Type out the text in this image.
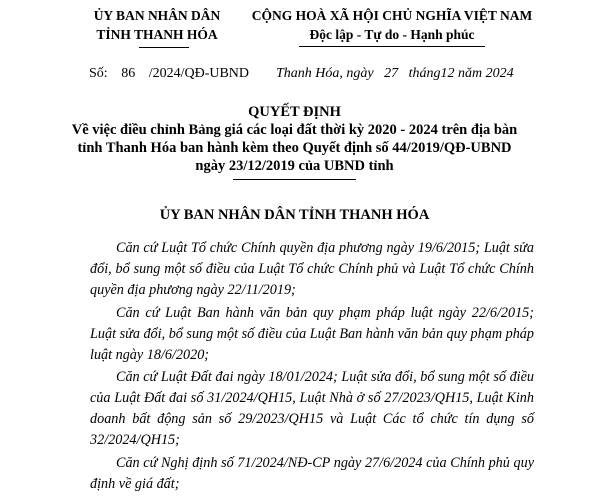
ỦY BAN NHÂN DÂN
TỈNH THANH HÓA
CỘNG HOÀ XÃ HỘI CHỦ NGHĨA VIỆT NAM
Độc lập - Tự do - Hạnh phúc
Số: 86 /2024/QĐ-UBND Thanh Hóa, ngày 27 tháng12 năm 2024
QUYẾT ĐỊNH
Về việc điều chỉnh Bảng giá các loại đất thời kỳ 2020 - 2024 trên địa bàn
tỉnh Thanh Hóa ban hành kèm theo Quyết định số 44/2019/QĐ-UBND
ngày 23/12/2019 của UBND tỉnh
ỦY BAN NHÂN DÂN TỈNH THANH HÓA
Căn cứ Luật Tổ chức Chính quyền địa phương ngày 19/6/2015; Luật sửa đổi, bổ sung một số điều của Luật Tổ chức Chính phủ và Luật Tổ chức Chính quyền địa phương ngày 22/11/2019;
Căn cứ Luật Ban hành văn bản quy phạm pháp luật ngày 22/6/2015; Luật sửa đổi, bổ sung một số điều của Luật Ban hành văn bản quy phạm pháp luật ngày 18/6/2020;
Căn cứ Luật Đất đai ngày 18/01/2024; Luật sửa đổi, bổ sung một số điều của Luật Đất đai số 31/2024/QH15, Luật Nhà ở số 27/2023/QH15, Luật Kinh doanh bất động sản số 29/2023/QH15 và Luật Các tổ chức tín dụng số 32/2024/QH15;
Căn cứ Nghị định số 71/2024/NĐ-CP ngày 27/6/2024 của Chính phủ quy định về giá đất;
